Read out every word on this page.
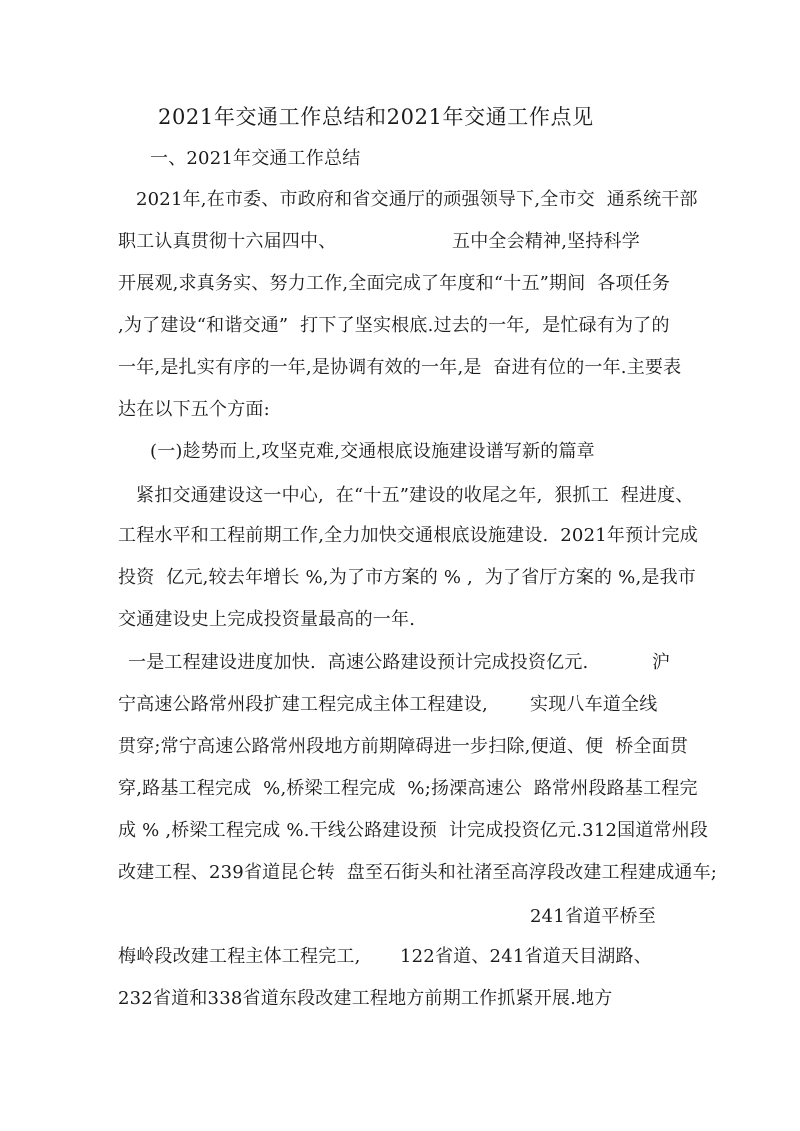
2021年交通工作总结和2021年交通工作点见
一、2021年交通工作总结
2021年,在市委、市政府和省交通厅的顽强领导下,全市交  通系统干部
职工认真贯彻十六届四中、	五中全会精神,坚持科学
开展观,求真务实、努力工作,全面完成了年度和“十五”期间  各项任务
,为了建设“和谐交通”  打下了坚实根底.过去的一年,  是忙碌有为了的
一年,是扎实有序的一年,是协调有效的一年,是  奋进有位的一年.主要表
达在以下五个方面:
(一)趁势而上,攻坚克难,交通根底设施建设谱写新的篇章
紧扣交通建设这一中心,  在“十五”建设的收尾之年,  狠抓工  程进度、
工程水平和工程前期工作,全力加快交通根底设施建设.  2021年预计完成
投资  亿元,较去年增长 %,为了市方案的 % ,  为了省厅方案的 %,是我市
交通建设史上完成投资量最高的一年.
一是工程建设进度加快.  高速公路建设预计完成投资亿元.	沪
宁高速公路常州段扩建工程完成主体工程建设, 实现八车道全线
贯穿;常宁高速公路常州段地方前期障碍进一步扫除,便道、便  桥全面贯
穿,路基工程完成  %,桥梁工程完成  %;扬溧高速公  路常州段路基工程完
成 % ,桥梁工程完成 %.干线公路建设预  计完成投资亿元.312国道常州段
改建工程、239省道昆仑转  盘至石街头和社渚至高淳段改建工程建成通车;
241省道平桥至
梅岭段改建工程主体工程完工, 122省道、241省道天目湖路、
232省道和338省道东段改建工程地方前期工作抓紧开展.地方
